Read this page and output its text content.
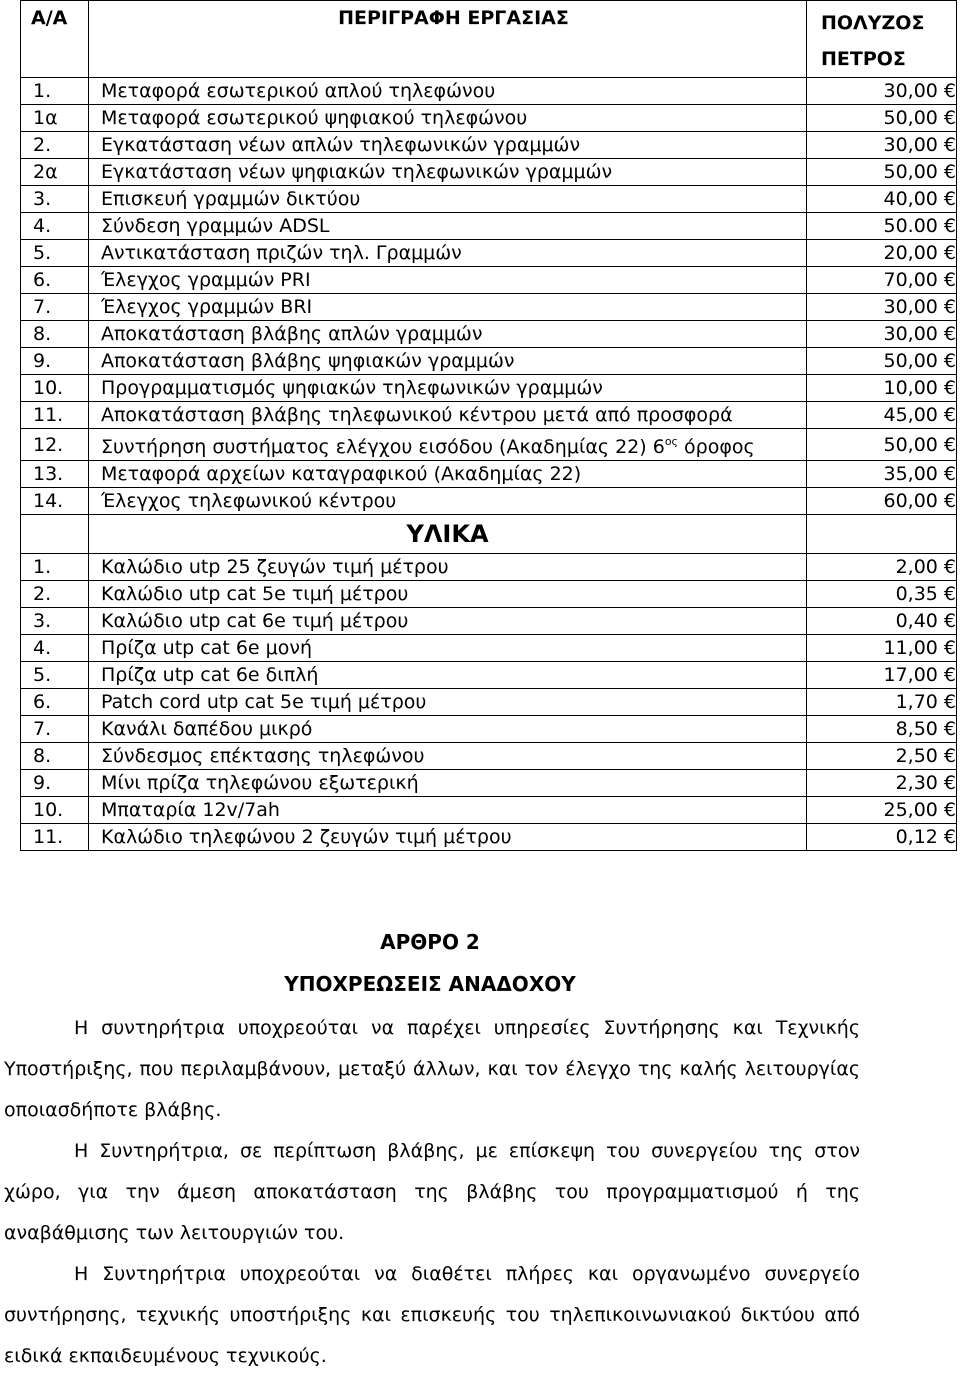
Α/Α	ΠΕΡΙΓΡΑΦΗ ΕΡΓΑΣΙΑΣ	ΠΟΛΥΖΟΣ
ΠΕΤΡΟΣ

1.	Μεταφορά εσωτερικού απλού τηλεφώνου	30,00 €
1α	Μεταφορά εσωτερικού ψηφιακού τηλεφώνου	50,00 €
2.	Εγκατάσταση νέων απλών τηλεφωνικών γραμμών	30,00 €
2α	Εγκατάσταση νέων ψηφιακών τηλεφωνικών γραμμών	50,00 €
3.	Επισκευή γραμμών δικτύου	40,00 €
4.	Σύνδεση γραμμών ADSL	50.00 €
5.	Αντικατάσταση πριζών τηλ. Γραμμών	20,00 €
6.	Έλεγχος γραμμών PRI	70,00 €
7.	Έλεγχος γραμμών BRI	30,00 €
8.	Αποκατάσταση βλάβης απλών γραμμών	30,00 €
9.	Αποκατάσταση βλάβης ψηφιακών γραμμών	50,00 €
10.	Προγραμματισμός ψηφιακών τηλεφωνικών γραμμών	10,00 €
11.	Αποκατάσταση βλάβης τηλεφωνικού κέντρου μετά από προσφορά	45,00 €
12.	Συντήρηση συστήματος ελέγχου εισόδου (Ακαδημίας 22) $6^{o\varsigma}$ όροφος	50,00 €
13.	Μεταφορά αρχείων καταγραφικού (Ακαδημίας 22)	35,00 €
14.	Έλεγχος τηλεφωνικού κέντρου	60,00 €
	ΥΛΙΚΑ	
1.	Καλώδιο utp 25 ζευγών τιμή μέτρου	2,00 €
2.	Καλώδιο utp cat 5e τιμή μέτρου	0,35 €
3.	Καλώδιο utp cat 6e τιμή μέτρου	0,40 €
4.	Πρίζα utp cat 6e μονή	11,00 €
5.	Πρίζα utp cat 6e διπλή	17,00 €
6.	Patch cord utp cat 5e τιμή μέτρου	1,70 €
7.	Κανάλι δαπέδου μικρό	8,50 €
8.	Σύνδεσμος επέκτασης τηλεφώνου	2,50 €
9.	Μίνι πρίζα τηλεφώνου εξωτερική	2,30 €
10.	Μπαταρία 12v/7ah	25,00 €
11.	Καλώδιο τηλεφώνου 2 ζευγών τιμή μέτρου	0,12 €
ΑΡΘΡΟ 2
ΥΠΟΧΡΕΩΣΕΙΣ ΑΝΑΔΟΧΟΥ
Η συντηρήτρια υποχρεούται να παρέχει υπηρεσίες Συντήρησης και Τεχνικής Υποστήριξης, που περιλαμβάνουν, μεταξύ άλλων, και τον έλεγχο της καλής λειτουργίας οποιασδήποτε βλάβης.
Η Συντηρήτρια, σε περίπτωση βλάβης, με επίσκεψη του συνεργείου της στον χώρο, για την άμεση αποκατάσταση της βλάβης του προγραμματισμού ή της αναβάθμισης των λειτουργιών του.
Η Συντηρήτρια υποχρεούται να διαθέτει πλήρες και οργανωμένο συνεργείο συντήρησης, τεχνικής υποστήριξης και επισκευής του τηλεπικοινωνιακού δικτύου από ειδικά εκπαιδευμένους τεχνικούς.
